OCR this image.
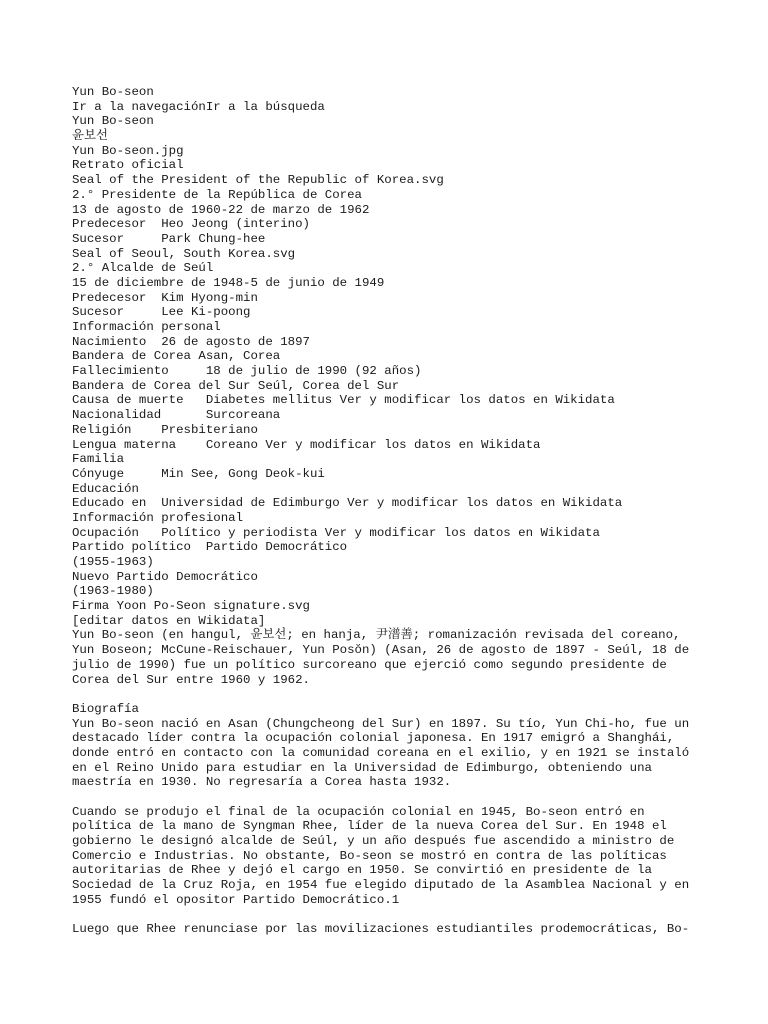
Yun Bo-seon
Ir a la navegaciónIr a la búsqueda
Yun Bo-seon
윤보선
Yun Bo-seon.jpg
Retrato oficial
Seal of the President of the Republic of Korea.svg
2.° Presidente de la República de Corea
13 de agosto de 1960-22 de marzo de 1962
Predecesor  Heo Jeong (interino)
Sucesor     Park Chung-hee
Seal of Seoul, South Korea.svg
2.° Alcalde de Seúl
15 de diciembre de 1948-5 de junio de 1949
Predecesor  Kim Hyong-min
Sucesor     Lee Ki-poong
Información personal
Nacimiento  26 de agosto de 1897
Bandera de Corea Asan, Corea
Fallecimiento     18 de julio de 1990 (92 años)
Bandera de Corea del Sur Seúl, Corea del Sur
Causa de muerte   Diabetes mellitus Ver y modificar los datos en Wikidata
Nacionalidad      Surcoreana
Religión    Presbiteriano
Lengua materna    Coreano Ver y modificar los datos en Wikidata
Familia
Cónyuge     Min See, Gong Deok-kui
Educación
Educado en  Universidad de Edimburgo Ver y modificar los datos en Wikidata
Información profesional
Ocupación   Político y periodista Ver y modificar los datos en Wikidata
Partido político  Partido Democrático
(1955-1963)
Nuevo Partido Democrático
(1963-1980)
Firma Yoon Po-Seon signature.svg
[editar datos en Wikidata]
Yun Bo-seon (en hangul, 윤보선; en hanja, 尹潽善; romanización revisada del coreano,
Yun Boseon; McCune-Reischauer, Yun Posŏn) (Asan, 26 de agosto de 1897 - Seúl, 18 de
julio de 1990) fue un político surcoreano que ejerció como segundo presidente de
Corea del Sur entre 1960 y 1962.
Biografía
Yun Bo-seon nació en Asan (Chungcheong del Sur) en 1897. Su tío, Yun Chi-ho, fue un
destacado líder contra la ocupación colonial japonesa. En 1917 emigró a Shanghái,
donde entró en contacto con la comunidad coreana en el exilio, y en 1921 se instaló
en el Reino Unido para estudiar en la Universidad de Edimburgo, obteniendo una
maestría en 1930. No regresaría a Corea hasta 1932.
Cuando se produjo el final de la ocupación colonial en 1945, Bo-seon entró en
política de la mano de Syngman Rhee, líder de la nueva Corea del Sur. En 1948 el
gobierno le designó alcalde de Seúl, y un año después fue ascendido a ministro de
Comercio e Industrias. No obstante, Bo-seon se mostró en contra de las políticas
autoritarias de Rhee y dejó el cargo en 1950. Se convirtió en presidente de la
Sociedad de la Cruz Roja, en 1954 fue elegido diputado de la Asamblea Nacional y en
1955 fundó el opositor Partido Democrático.1
Luego que Rhee renunciase por las movilizaciones estudiantiles prodemocráticas, Bo-
